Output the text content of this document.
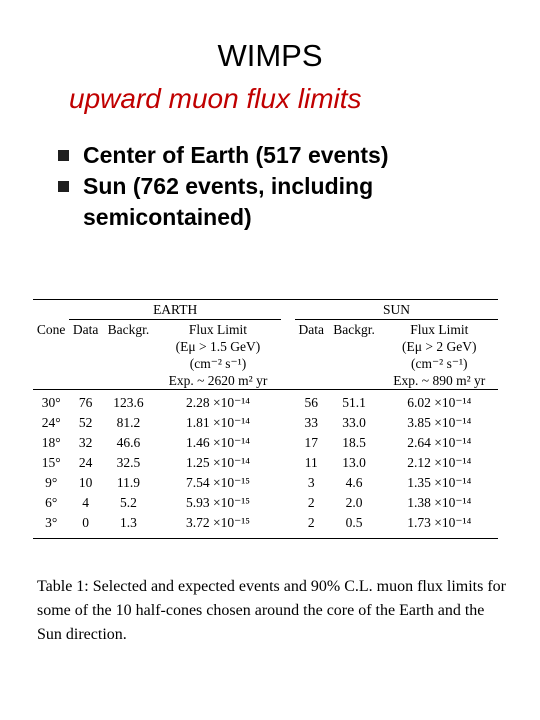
WIMPS
upward muon flux limits
Center of Earth (517 events)
Sun (762 events, including semicontained)
	EARTH				SUN		
Cone	Data	Backgr.	Flux Limit		Data	Backgr.	Flux Limit
			(Eμ > 1.5 GeV)				(Eμ > 2 GeV)
			(cm⁻² s⁻¹)				(cm⁻² s⁻¹)
			Exp. ~ 2620 m² yr				Exp. ~ 890 m² yr
30°	76	123.6	2.28 ×10⁻¹⁴		56	51.1	6.02 ×10⁻¹⁴
24°	52	81.2	1.81 ×10⁻¹⁴		33	33.0	3.85 ×10⁻¹⁴
18°	32	46.6	1.46 ×10⁻¹⁴		17	18.5	2.64 ×10⁻¹⁴
15°	24	32.5	1.25 ×10⁻¹⁴		11	13.0	2.12 ×10⁻¹⁴
9°	10	11.9	7.54 ×10⁻¹⁵		3	4.6	1.35 ×10⁻¹⁴
6°	4	5.2	5.93 ×10⁻¹⁵		2	2.0	1.38 ×10⁻¹⁴
3°	0	1.3	3.72 ×10⁻¹⁵		2	0.5	1.73 ×10⁻¹⁴
Table 1: Selected and expected events and 90% C.L. muon flux limits for some of the 10 half-cones chosen around the core of the Earth and the Sun direction.
